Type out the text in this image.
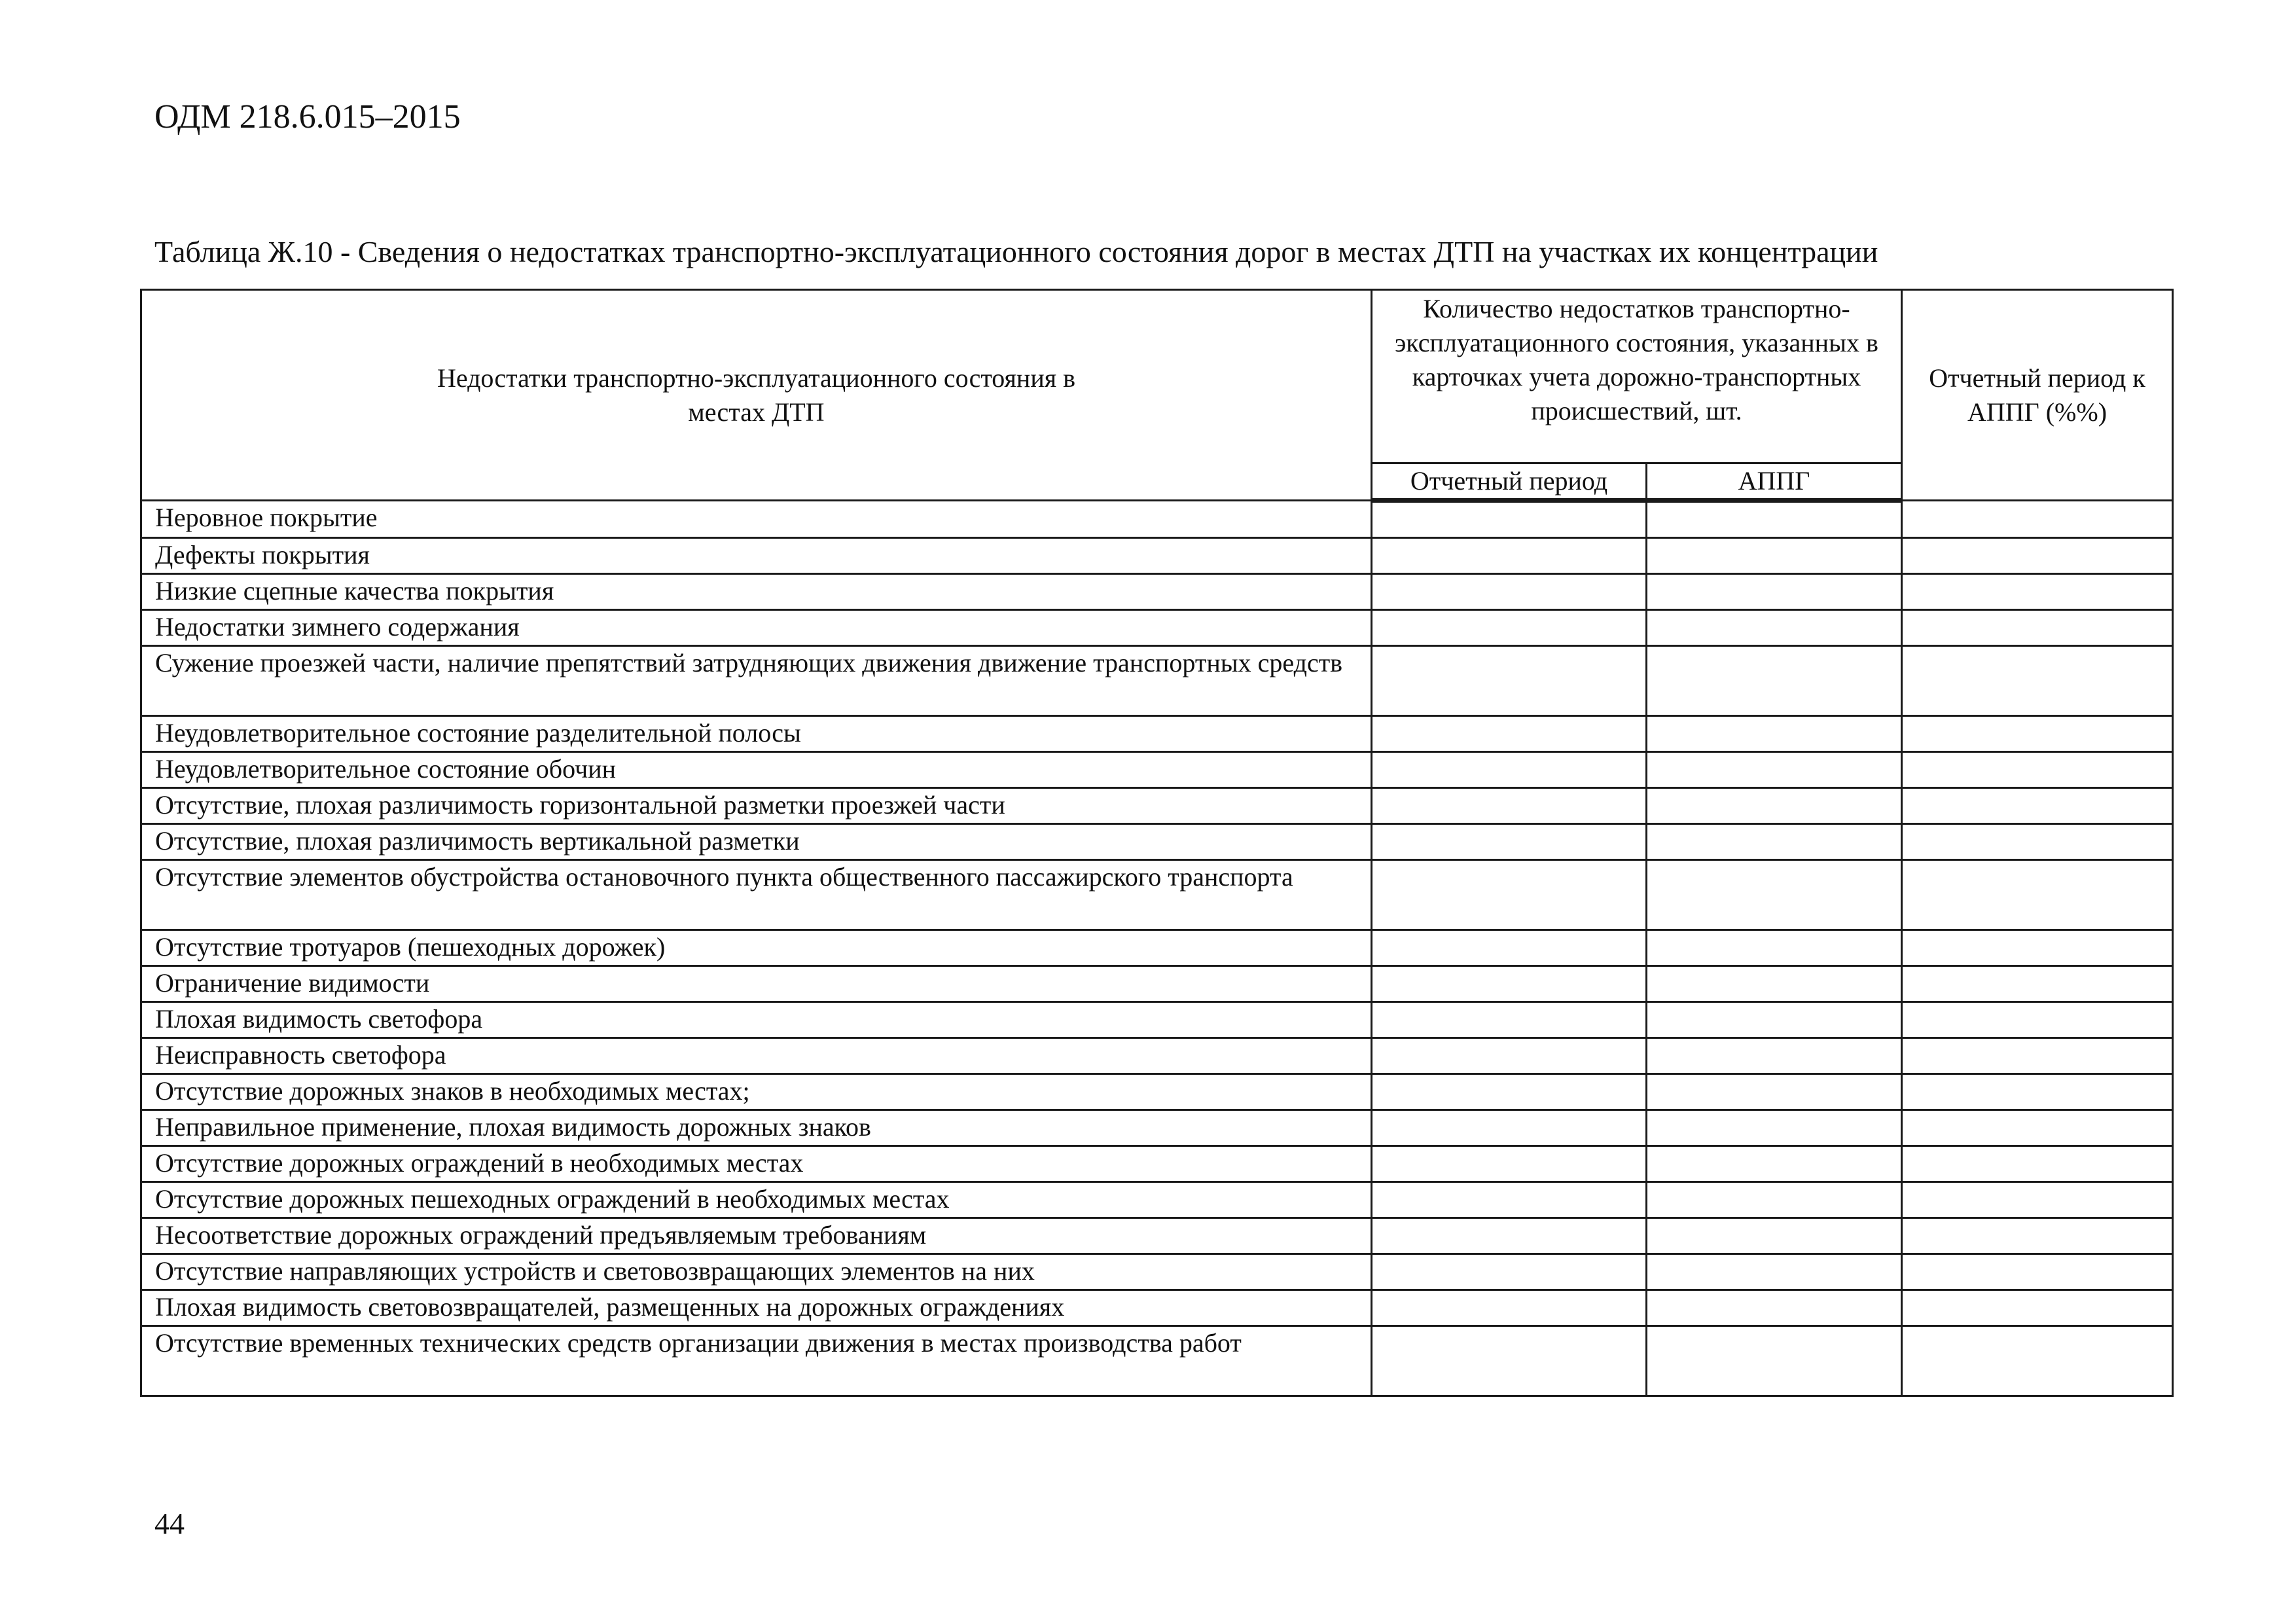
ОДМ 218.6.015–2015
Таблица Ж.10 - Сведения о недостатках транспортно-эксплуатационного состояния дорог в местах ДТП на участках их концентрации
Недостатки транспортно-эксплуатационного состояния в местах ДТП	Количество недостатков транспортно-эксплуатационного состояния, указанных в карточках учета дорожно-транспортных происшествий, шт.		Отчетный период к АППГ (%%)
	Отчетный период	АППГ	
Неровное покрытие			
Дефекты покрытия			
Низкие сцепные качества покрытия			
Недостатки зимнего содержания			
Сужение проезжей части, наличие препятствий затрудняющих движения движение транспортных средств			
Неудовлетворительное состояние разделительной полосы			
Неудовлетворительное состояние обочин			
Отсутствие, плохая различимость горизонтальной разметки проезжей части			
Отсутствие, плохая различимость вертикальной разметки			
Отсутствие элементов обустройства остановочного пункта общественного пассажирского транспорта			
Отсутствие тротуаров (пешеходных дорожек)			
Ограничение видимости			
Плохая видимость светофора			
Неисправность светофора			
Отсутствие дорожных знаков в необходимых местах;			
Неправильное применение, плохая видимость дорожных знаков			
Отсутствие дорожных ограждений в необходимых местах			
Отсутствие дорожных пешеходных ограждений в необходимых местах			
Несоответствие дорожных ограждений предъявляемым требованиям			
Отсутствие направляющих устройств и световозвращающих элементов на них			
Плохая видимость световозвращателей, размещенных на дорожных ограждениях			
Отсутствие временных технических средств организации движения в местах производства работ			
44
